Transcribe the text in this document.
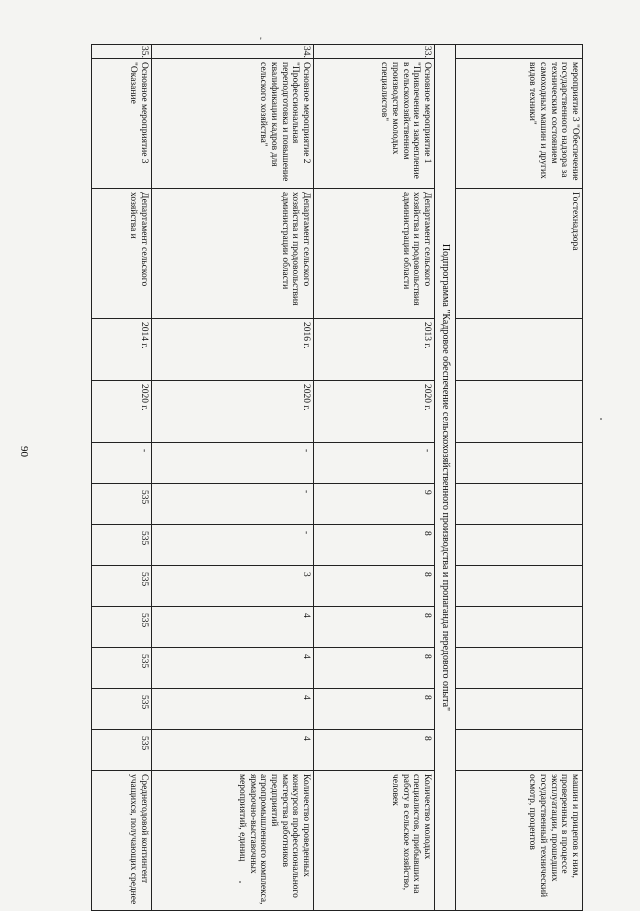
90
'
	мероприятие 3 "Обеспечение государственного надзора за техническим состоянием самоходных машин и других видов техники"	Гостехнадзора											машин и прицепов к ним, проверенных в процессе эксплуатации, прошедших государственный технический осмотр, процентов
Подпрограмма "Кадровое обеспечение сельскохозяйственного производства и пропаганда передового опыта"													
33.	Основное мероприятие 1 "Привлечение и закрепление в сельскохозяйственном производстве молодых специалистов"	Департамент сельского хозяйства и продовольствия администрации области	2013 г.	2020 г.	-	9	8	8	8	8	8	8	Количество молодых специалистов, прибывших на работу в сельское хозяйство, человек
34.	Основное мероприятие 2 "Профессиональная переподготовка и повышение квалификации кадров для сельского хозяйства"	Департамент сельского хозяйства и продовольствия администрации области	2016 г.	2020 г.	-	-	-	3	4	4	4	4	Количество проведенных конкурсов профессионального мастерства работников предприятий агропромышленного комплекса, ярмарочно-выставочных мероприятий, единиц
35.	Основное мероприятие 3 "Оказание	Департамент сельского хозяйства и	2014 г.	2020 г.	-	535	535	535	535	535	535	535	Среднегодовой контингент учащихся, получающих среднее
